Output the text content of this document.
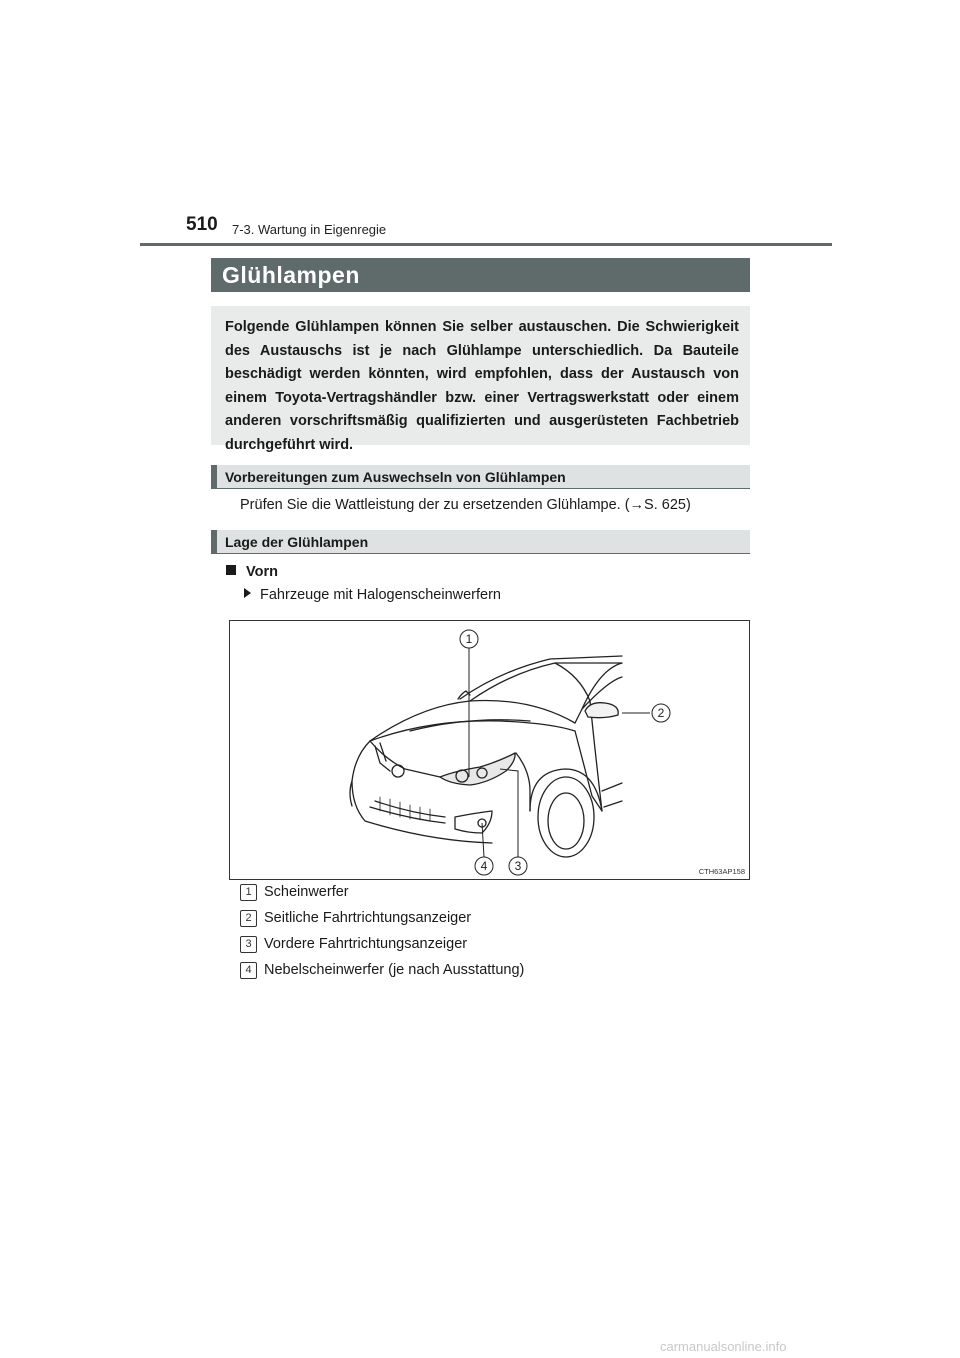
510 7-3. Wartung in Eigenregie
Glühlampen
Folgende Glühlampen können Sie selber austauschen. Die Schwierigkeit des Austauschs ist je nach Glühlampe unterschiedlich. Da Bauteile beschädigt werden könnten, wird empfohlen, dass der Austausch von einem Toyota-Vertragshändler bzw. einer Vertragswerkstatt oder einem anderen vorschriftsmäßig qualifizierten und ausgerüsteten Fachbetrieb durchgeführt wird.
Vorbereitungen zum Auswechseln von Glühlampen
Prüfen Sie die Wattleistung der zu ersetzenden Glühlampe. (→S. 625)
Lage der Glühlampen
Vorn
Fahrzeuge mit Halogenscheinwerfern
1
2
3
4	CTH63AP158
1 Scheinwerfer
2 Seitliche Fahrtrichtungsanzeiger
3 Vordere Fahrtrichtungsanzeiger
4 Nebelscheinwerfer (je nach Ausstattung)
carmanualsonline.info
